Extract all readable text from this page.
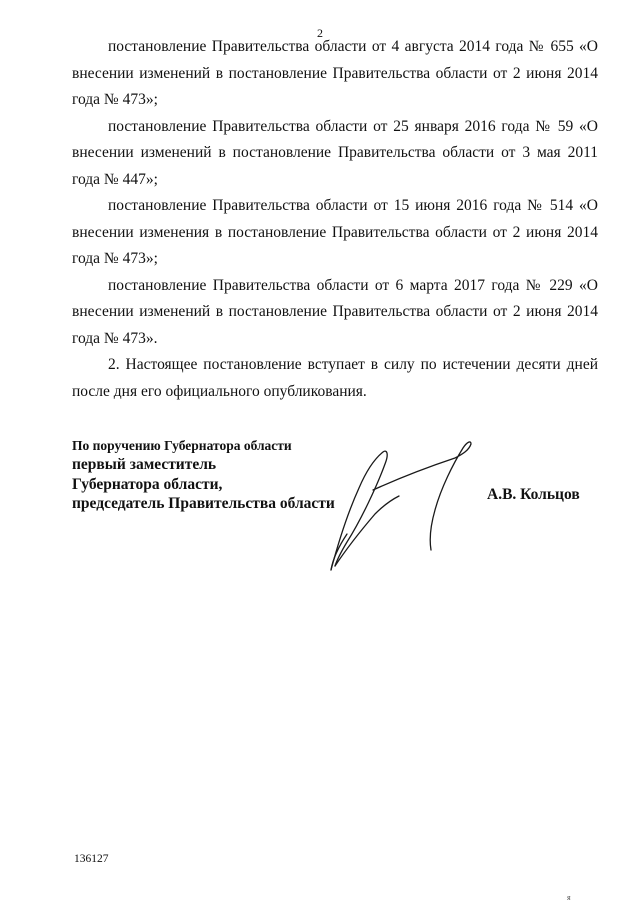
2

постановление Правительства области от 4 августа 2014 года № 655 «О внесении изменений в постановление Правительства области от 2 июня 2014 года № 473»;

постановление Правительства области от 25 января 2016 года № 59 «О внесении изменений в постановление Правительства области от 3 мая 2011 года № 447»;

постановление Правительства области от 15 июня 2016 года № 514 «О внесении изменения в постановление Правительства области от 2 июня 2014 года № 473»;

постановление Правительства области от 6 марта 2017 года № 229 «О внесении изменений в постановление Правительства области от 2 июня 2014 года № 473».

2. Настоящее постановление вступает в силу по истечении десяти дней после дня его официального опубликования.

По поручению Губернатора области
первый заместитель
Губернатора области,
председатель Правительства области
А.В. Кольцов
136127
я
